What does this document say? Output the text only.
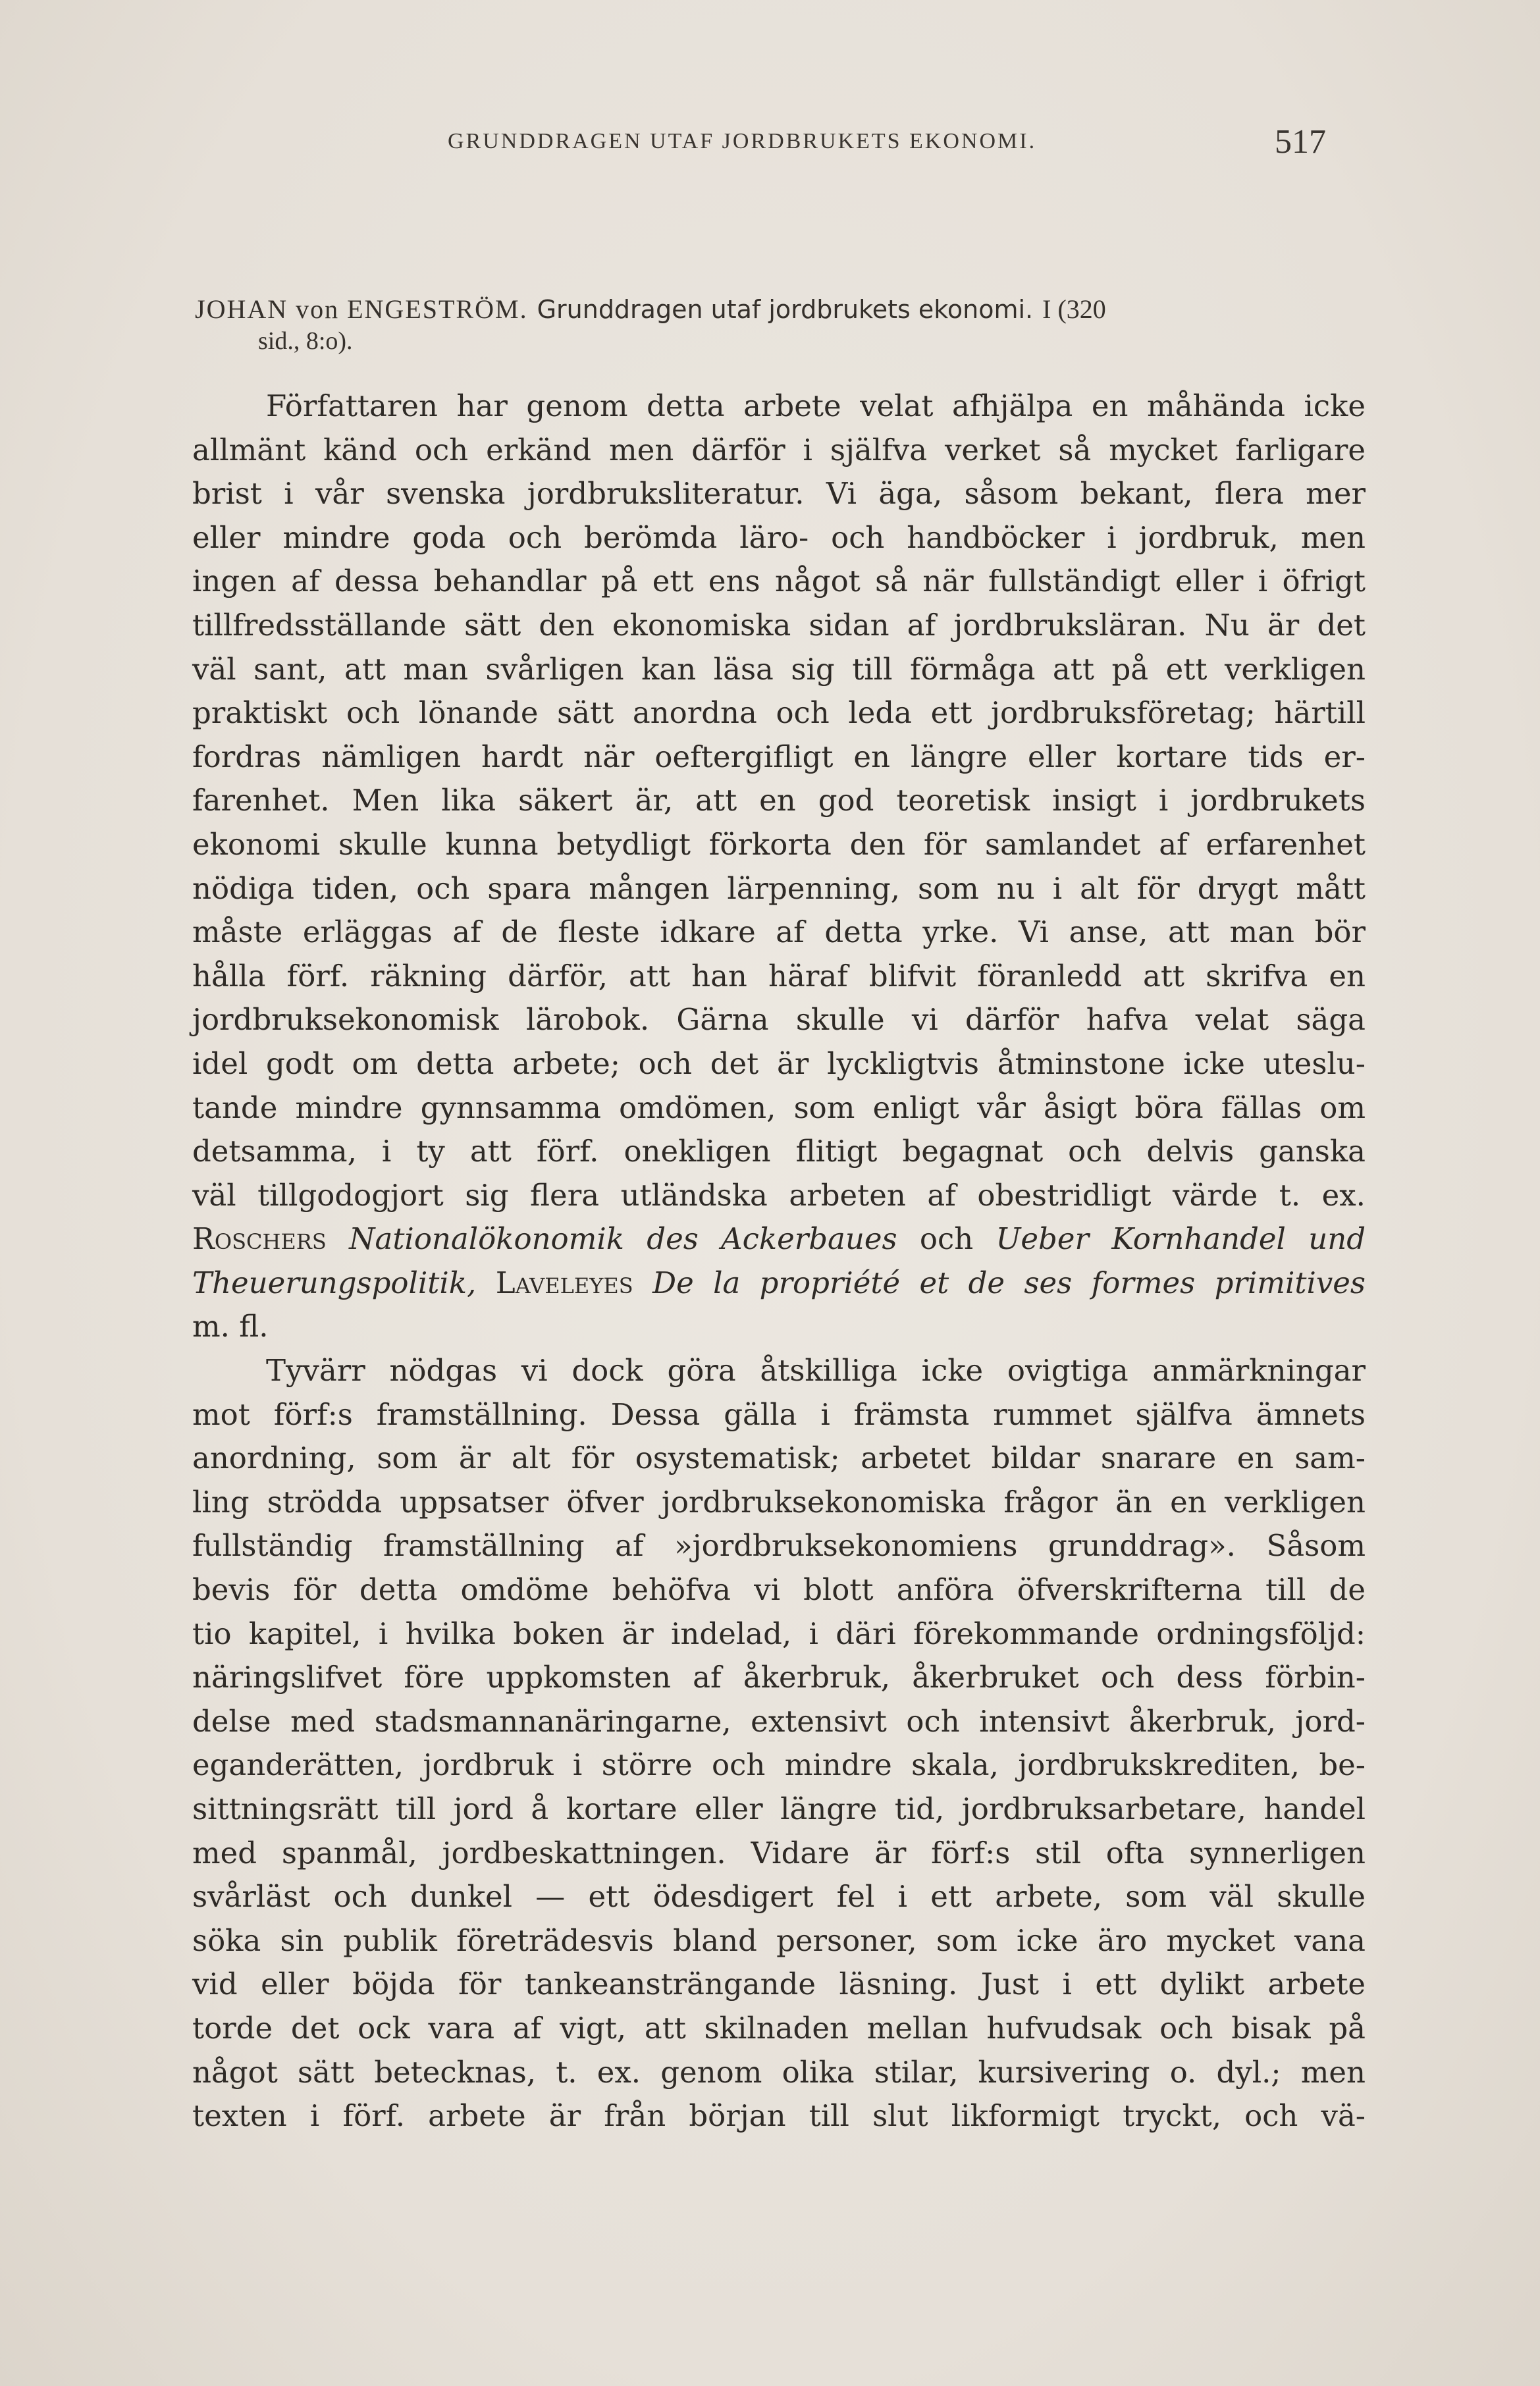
GRUNDDRAGEN UTAF JORDBRUKETS EKONOMI.	517
JOHAN von ENGESTRÖM. Grunddragen utaf jordbrukets ekonomi. I (320
sid., 8:o).
Författaren har genom detta arbete velat afhjälpa en måhända icke
allmänt känd och erkänd men därför i själfva verket så mycket farligare
brist i vår svenska jordbruksliteratur. Vi äga, såsom bekant, flera mer
eller mindre goda och berömda läro- och handböcker i jordbruk, men
ingen af dessa behandlar på ett ens något så när fullständigt eller i öfrigt
tillfredsställande sätt den ekonomiska sidan af jordbruksläran. Nu är det
väl sant, att man svårligen kan läsa sig till förmåga att på ett verkligen
praktiskt och lönande sätt anordna och leda ett jordbruksföretag; härtill
fordras nämligen hardt när oeftergifligt en längre eller kortare tids er-
farenhet. Men lika säkert är, att en god teoretisk insigt i jordbrukets
ekonomi skulle kunna betydligt förkorta den för samlandet af erfarenhet
nödiga tiden, och spara mången lärpenning, som nu i alt för drygt mått
måste erläggas af de fleste idkare af detta yrke. Vi anse, att man bör
hålla förf. räkning därför, att han häraf blifvit föranledd att skrifva en
jordbruksekonomisk lärobok. Gärna skulle vi därför hafva velat säga
idel godt om detta arbete; och det är lyckligtvis åtminstone icke uteslu-
tande mindre gynnsamma omdömen, som enligt vår åsigt böra fällas om
detsamma, i ty att förf. onekligen flitigt begagnat och delvis ganska
väl tillgodogjort sig flera utländska arbeten af obestridligt värde t. ex.
Roschers Nationalökonomik des Ackerbaues och Ueber Kornhandel und
Theuerungspolitik, Laveleyes De la propriété et de ses formes primitives
m. fl.
Tyvärr nödgas vi dock göra åtskilliga icke ovigtiga anmärkningar
mot förf:s framställning. Dessa gälla i främsta rummet själfva ämnets
anordning, som är alt för osystematisk; arbetet bildar snarare en sam-
ling strödda uppsatser öfver jordbruksekonomiska frågor än en verkligen
fullständig framställning af »jordbruksekonomiens grunddrag». Såsom
bevis för detta omdöme behöfva vi blott anföra öfverskrifterna till de
tio kapitel, i hvilka boken är indelad, i däri förekommande ordningsföljd:
näringslifvet före uppkomsten af åkerbruk, åkerbruket och dess förbin-
delse med stadsmannanäringarne, extensivt och intensivt åkerbruk, jord-
eganderätten, jordbruk i större och mindre skala, jordbrukskrediten, be-
sittningsrätt till jord å kortare eller längre tid, jordbruksarbetare, handel
med spanmål, jordbeskattningen. Vidare är förf:s stil ofta synnerligen
svårläst och dunkel — ett ödesdigert fel i ett arbete, som väl skulle
söka sin publik företrädesvis bland personer, som icke äro mycket vana
vid eller böjda för tankeansträngande läsning. Just i ett dylikt arbete
torde det ock vara af vigt, att skilnaden mellan hufvudsak och bisak på
något sätt betecknas, t. ex. genom olika stilar, kursivering o. dyl.; men
texten i förf. arbete är från början till slut likformigt tryckt, och vä-
